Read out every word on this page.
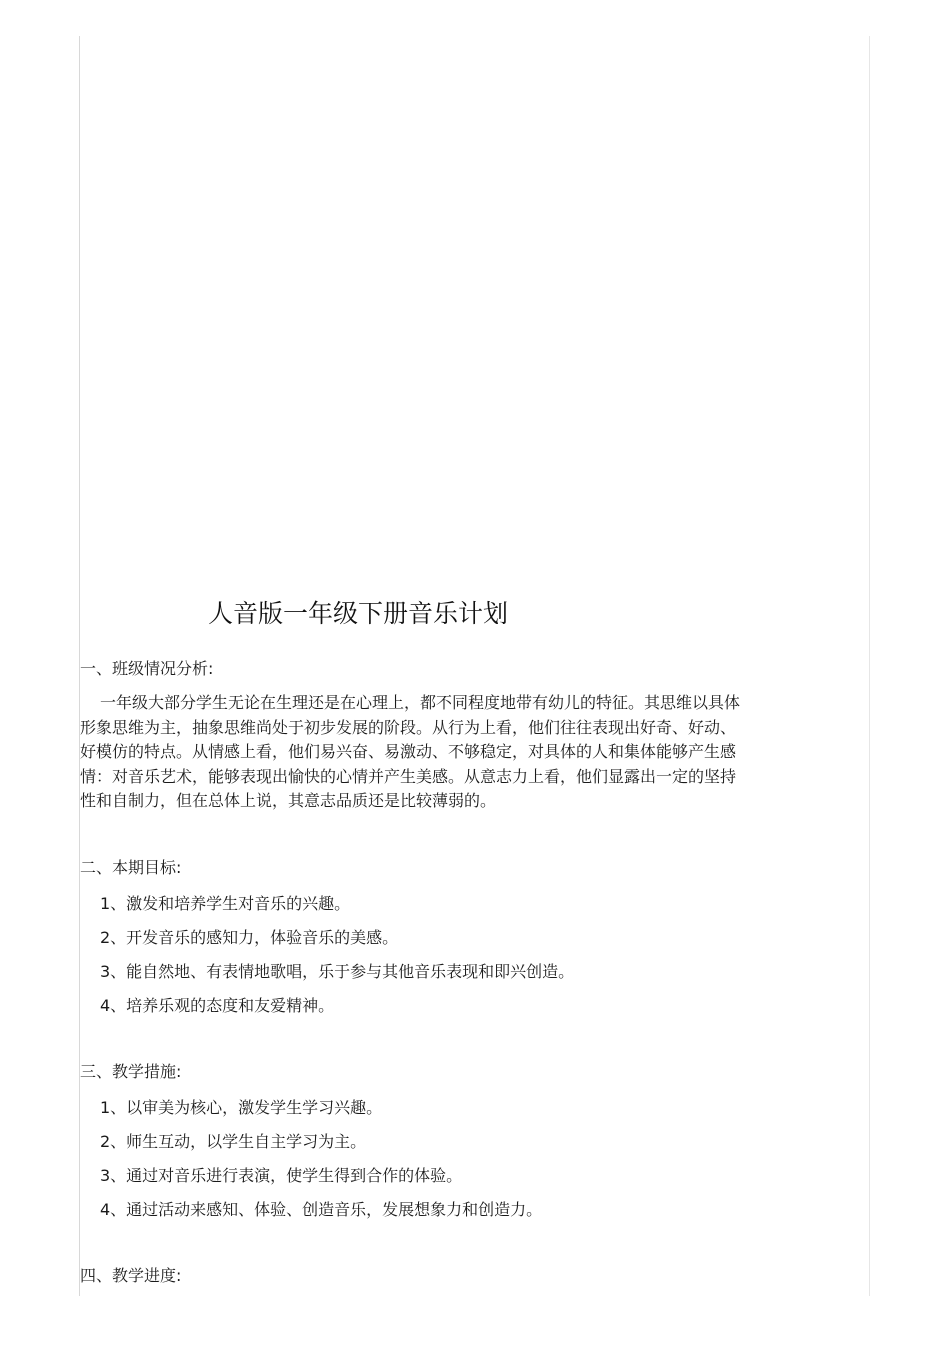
人音版一年级下册音乐计划
一、班级情况分析:
一年级大部分学生无论在生理还是在心理上，都不同程度地带有幼儿的特征。其思维以具体
形象思维为主，抽象思维尚处于初步发展的阶段。从行为上看，他们往往表现出好奇、好动、
好模仿的特点。从情感上看，他们易兴奋、易激动、不够稳定，对具体的人和集体能够产生感
情：对音乐艺术，能够表现出愉快的心情并产生美感。从意志力上看，他们显露出一定的坚持
性和自制力，但在总体上说，其意志品质还是比较薄弱的。
二、本期目标:
1、激发和培养学生对音乐的兴趣。
2、开发音乐的感知力，体验音乐的美感。
3、能自然地、有表情地歌唱，乐于参与其他音乐表现和即兴创造。
4、培养乐观的态度和友爱精神。
三、教学措施:
1、以审美为核心，激发学生学习兴趣。
2、师生互动，以学生自主学习为主。
3、通过对音乐进行表演，使学生得到合作的体验。
4、通过活动来感知、体验、创造音乐，发展想象力和创造力。
四、教学进度:
